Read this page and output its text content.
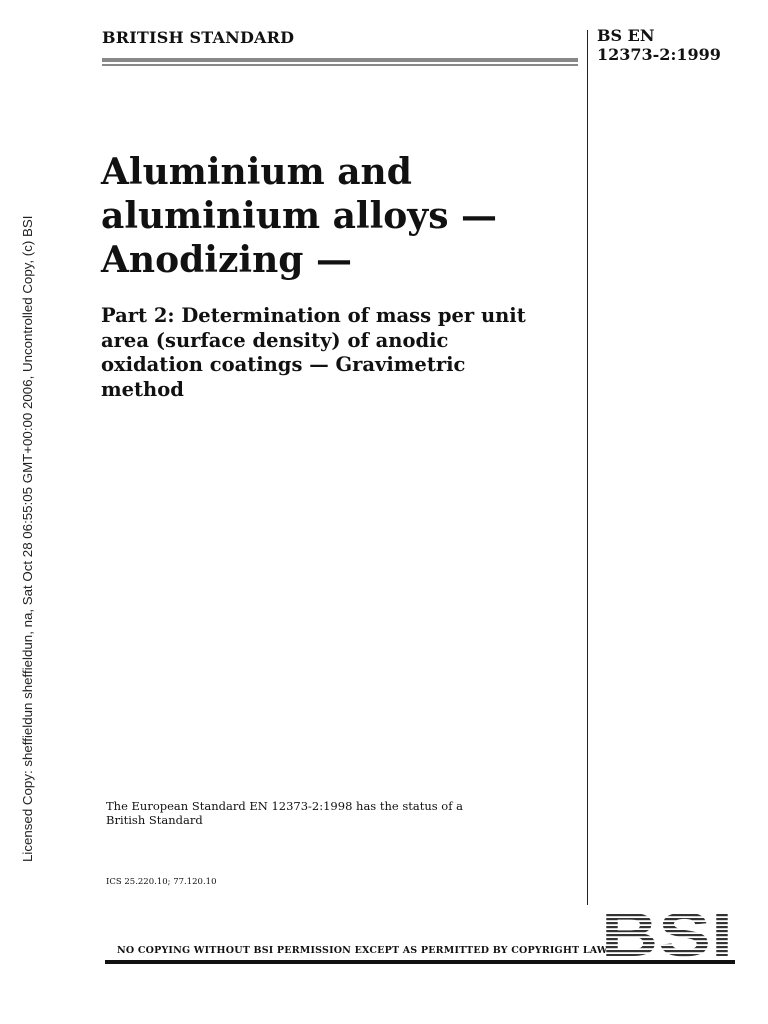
BRITISH STANDARD	BS EN
12373-2:1999
Aluminium and
aluminium alloys —
Anodizing —
Part 2: Determination of mass per unit
area (surface density) of anodic
oxidation coatings — Gravimetric
method
The European Standard EN 12373-2:1998 has the status of a
British Standard
ICS 25.220.10; 77.120.10
NO COPYING WITHOUT BSI PERMISSION EXCEPT AS PERMITTED BY COPYRIGHT LAW
Licensed Copy: sheffieldun sheffieldun, na, Sat Oct 28 06:55:05 GMT+00:00 2006, Uncontrolled Copy, (c) BSI
BSI
